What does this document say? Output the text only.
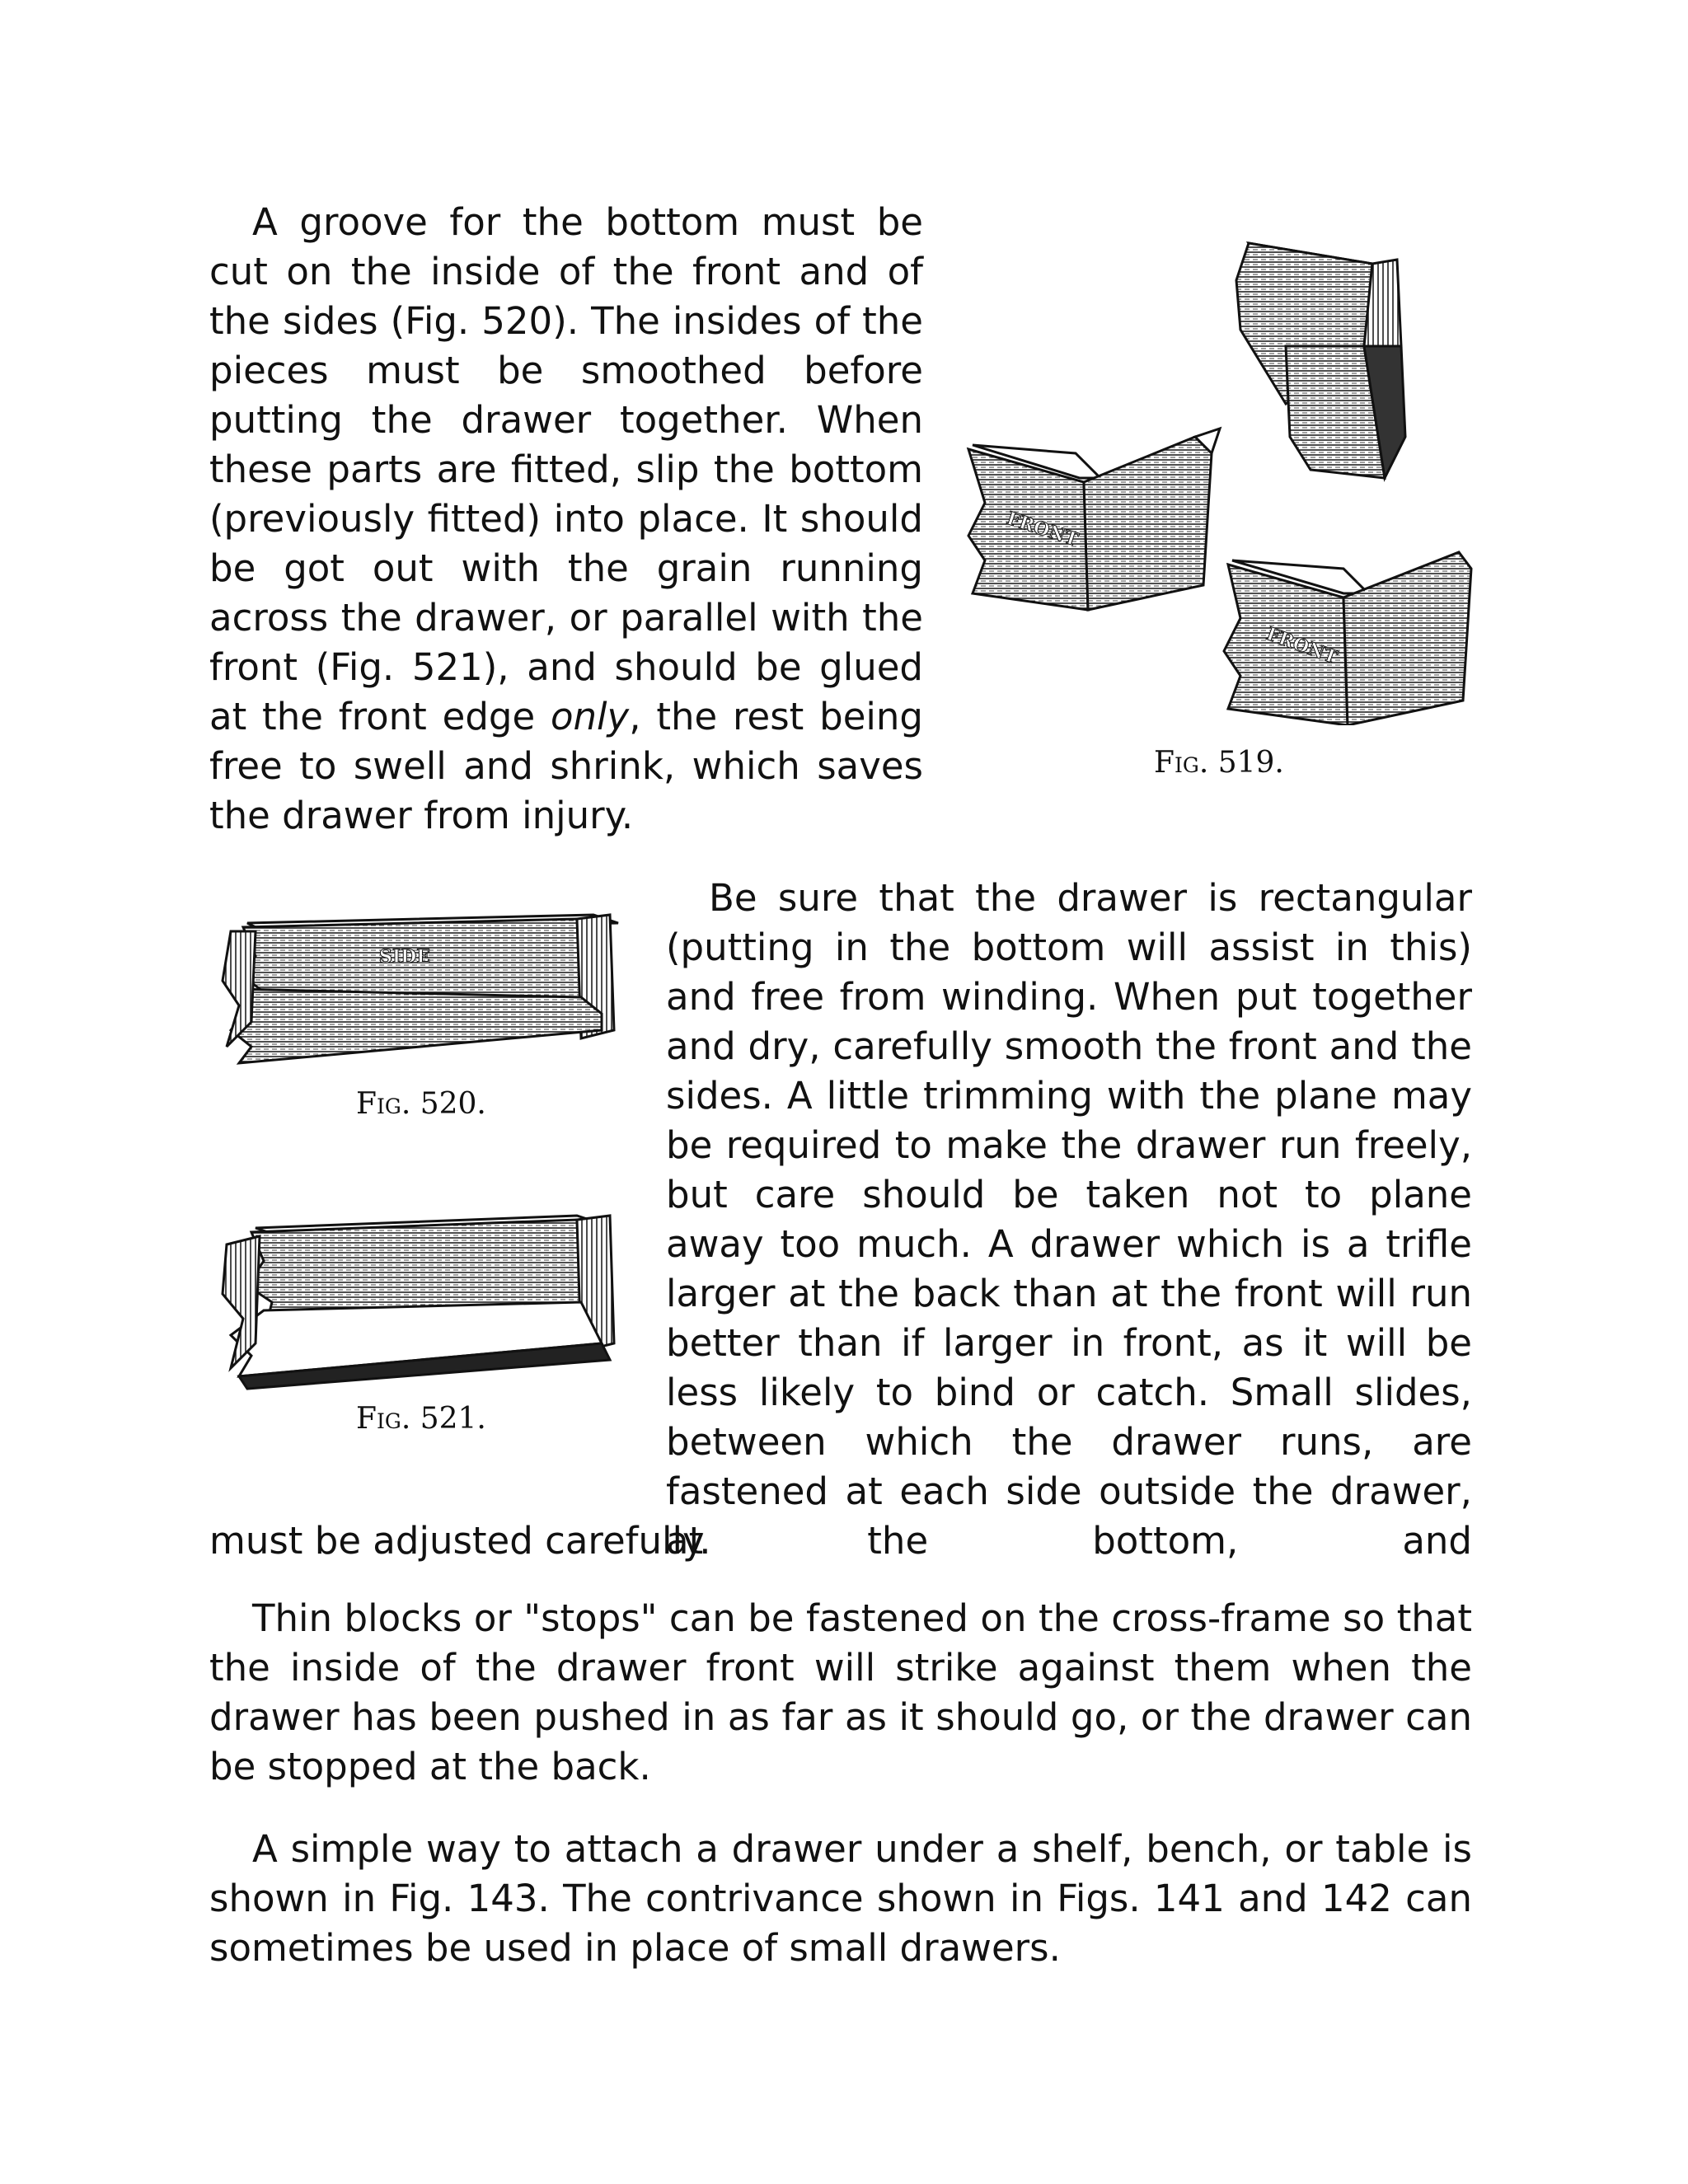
A groove for the bottom must be cut on the inside of the front and of the sides (Fig. 520). The insides of the pieces must be smoothed before putting the drawer together. When these parts are fitted, slip the bottom (previously fitted) into place. It should be got out with the grain running across the drawer, or parallel with the front (Fig. 521), and should be glued at the front edge only, the rest being free to swell and shrink, which saves the drawer from injury.

FRONT
FRONT
Fig. 519.
SIDE
Fig. 520.
Fig. 521.

Be sure that the drawer is rectangular (putting in the bottom will assist in this) and free from winding. When put together and dry, carefully smooth the front and the sides. A little trimming with the plane may be required to make the drawer run freely, but care should be taken not to plane away too much. A drawer which is a trifle larger at the back than at the front will run better than if larger in front, as it will be less likely to bind or catch. Small slides, between which the drawer runs, are fastened at each side outside the drawer, at the bottom, and

must be adjusted carefully.

Thin blocks or "stops" can be fastened on the cross-frame so that the inside of the drawer front will strike against them when the drawer has been pushed in as far as it should go, or the drawer can be stopped at the back.

A simple way to attach a drawer under a shelf, bench, or table is shown in Fig. 143. The contrivance shown in Figs. 141 and 142 can sometimes be used in place of small drawers.
